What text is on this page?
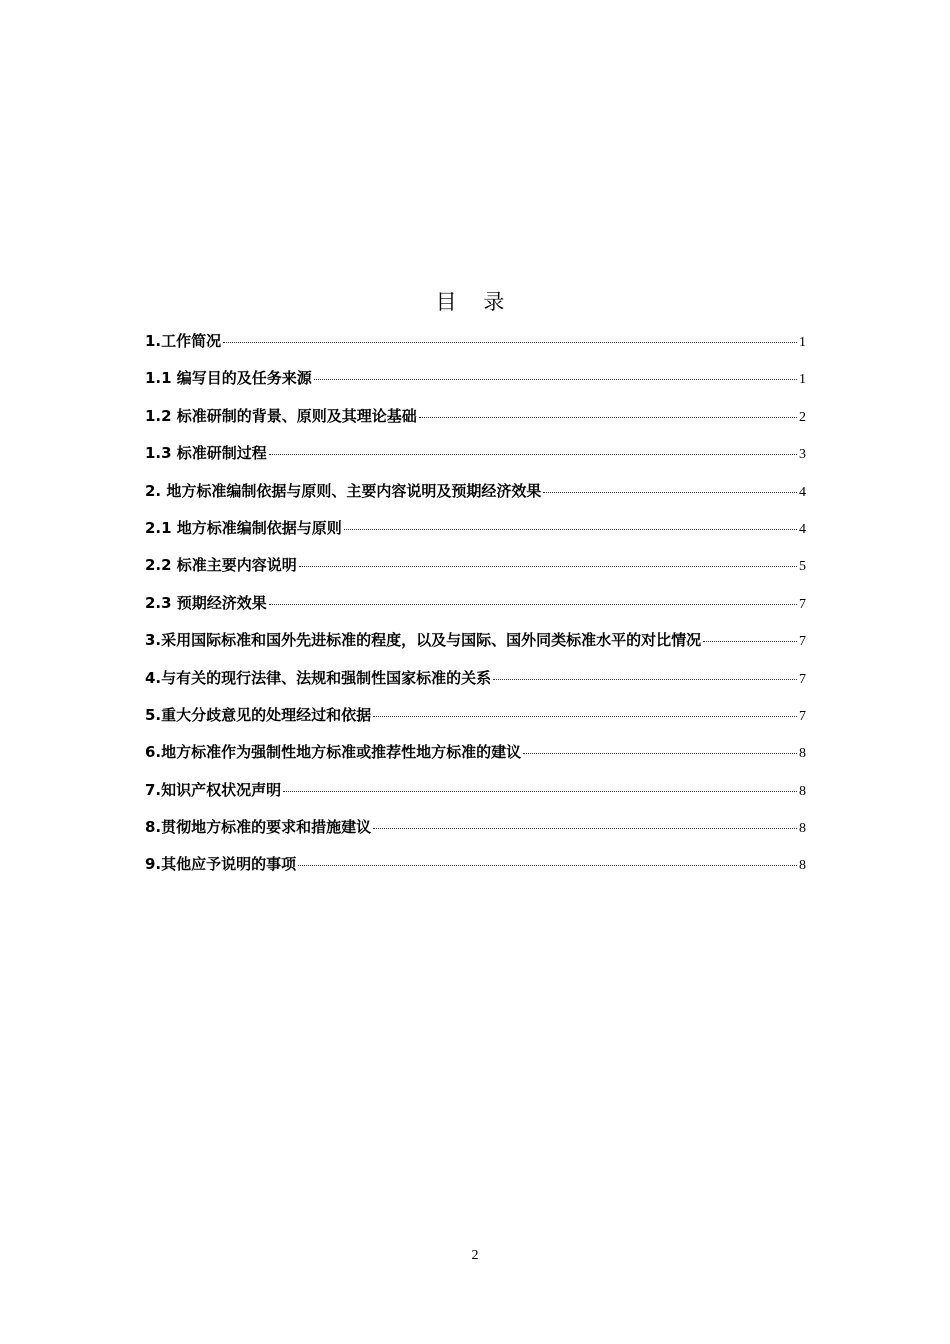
目 录
1.工作简况	1
1.1 编写目的及任务来源	1
1.2 标准研制的背景、原则及其理论基础	2
1.3 标准研制过程	3
2. 地方标准编制依据与原则、主要内容说明及预期经济效果	4
2.1 地方标准编制依据与原则	4
2.2 标准主要内容说明	5
2.3 预期经济效果	7
3.采用国际标准和国外先进标准的程度，以及与国际、国外同类标准水平的对比情况	7
4.与有关的现行法律、法规和强制性国家标准的关系	7
5.重大分歧意见的处理经过和依据	7
6.地方标准作为强制性地方标准或推荐性地方标准的建议	8
7.知识产权状况声明	8
8.贯彻地方标准的要求和措施建议	8
9.其他应予说明的事项	8
2
